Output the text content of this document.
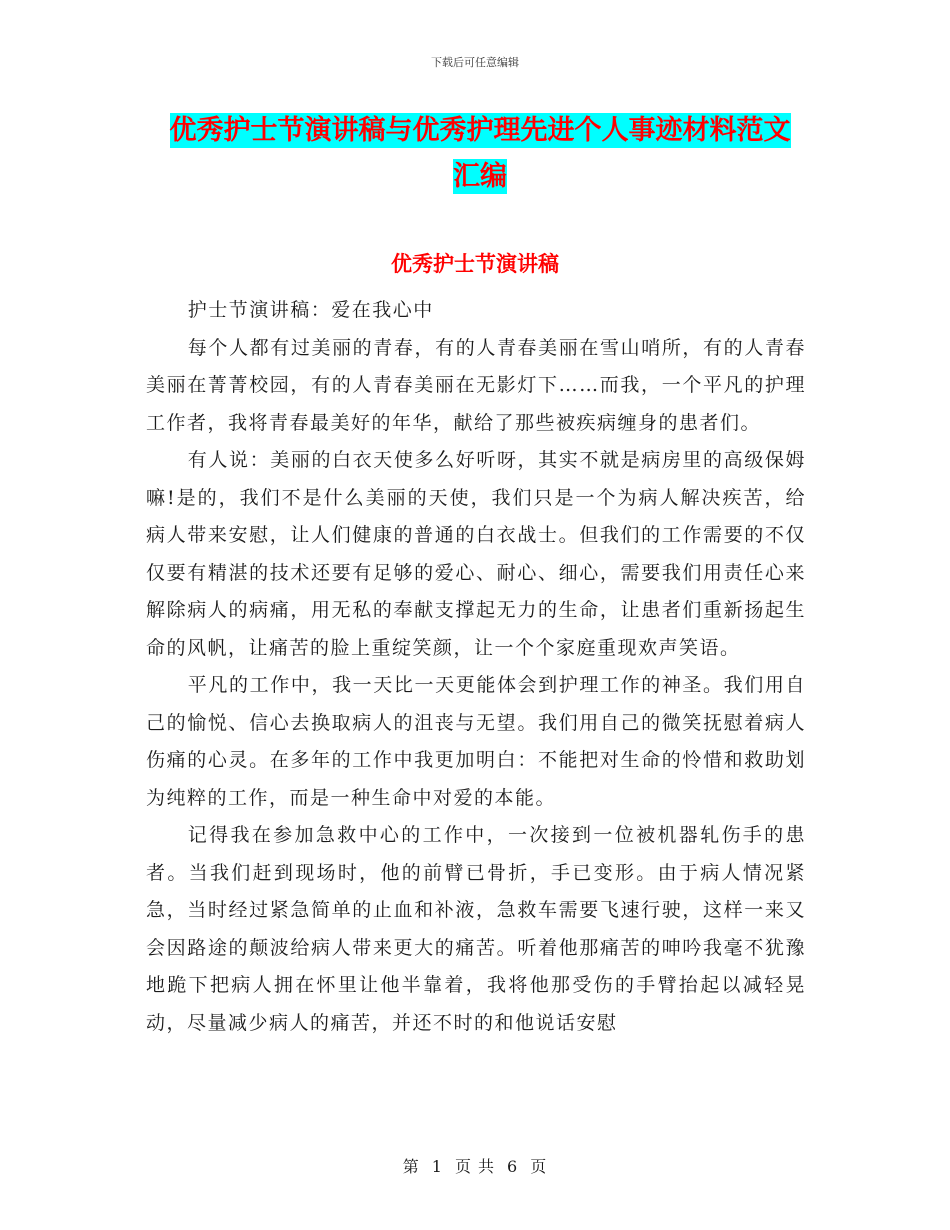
下载后可任意编辑
优秀护士节演讲稿与优秀护理先进个人事迹材料范文
汇编
优秀护士节演讲稿

护士节演讲稿：爱在我心中

每个人都有过美丽的青春，有的人青春美丽在雪山哨所，有的人青春美丽在菁菁校园，有的人青春美丽在无影灯下……而我，一个平凡的护理工作者，我将青春最美好的年华，献给了那些被疾病缠身的患者们。

有人说：美丽的白衣天使多么好听呀，其实不就是病房里的高级保姆嘛!是的，我们不是什么美丽的天使，我们只是一个为病人解决疾苦，给病人带来安慰，让人们健康的普通的白衣战士。但我们的工作需要的不仅仅要有精湛的技术还要有足够的爱心、耐心、细心，需要我们用责任心来解除病人的病痛，用无私的奉献支撑起无力的生命，让患者们重新扬起生命的风帆，让痛苦的脸上重绽笑颜，让一个个家庭重现欢声笑语。

平凡的工作中，我一天比一天更能体会到护理工作的神圣。我们用自己的愉悦、信心去换取病人的沮丧与无望。我们用自己的微笑抚慰着病人伤痛的心灵。在多年的工作中我更加明白：不能把对生命的怜惜和救助划为纯粹的工作，而是一种生命中对爱的本能。

记得我在参加急救中心的工作中，一次接到一位被机器轧伤手的患者。当我们赶到现场时，他的前臂已骨折，手已变形。由于病人情况紧急，当时经过紧急简单的止血和补液，急救车需要飞速行驶，这样一来又会因路途的颠波给病人带来更大的痛苦。听着他那痛苦的呻吟我毫不犹豫地跪下把病人拥在怀里让他半靠着，我将他那受伤的手臂抬起以减轻晃动，尽量减少病人的痛苦，并还不时的和他说话安慰

第 1 页 共 6 页
